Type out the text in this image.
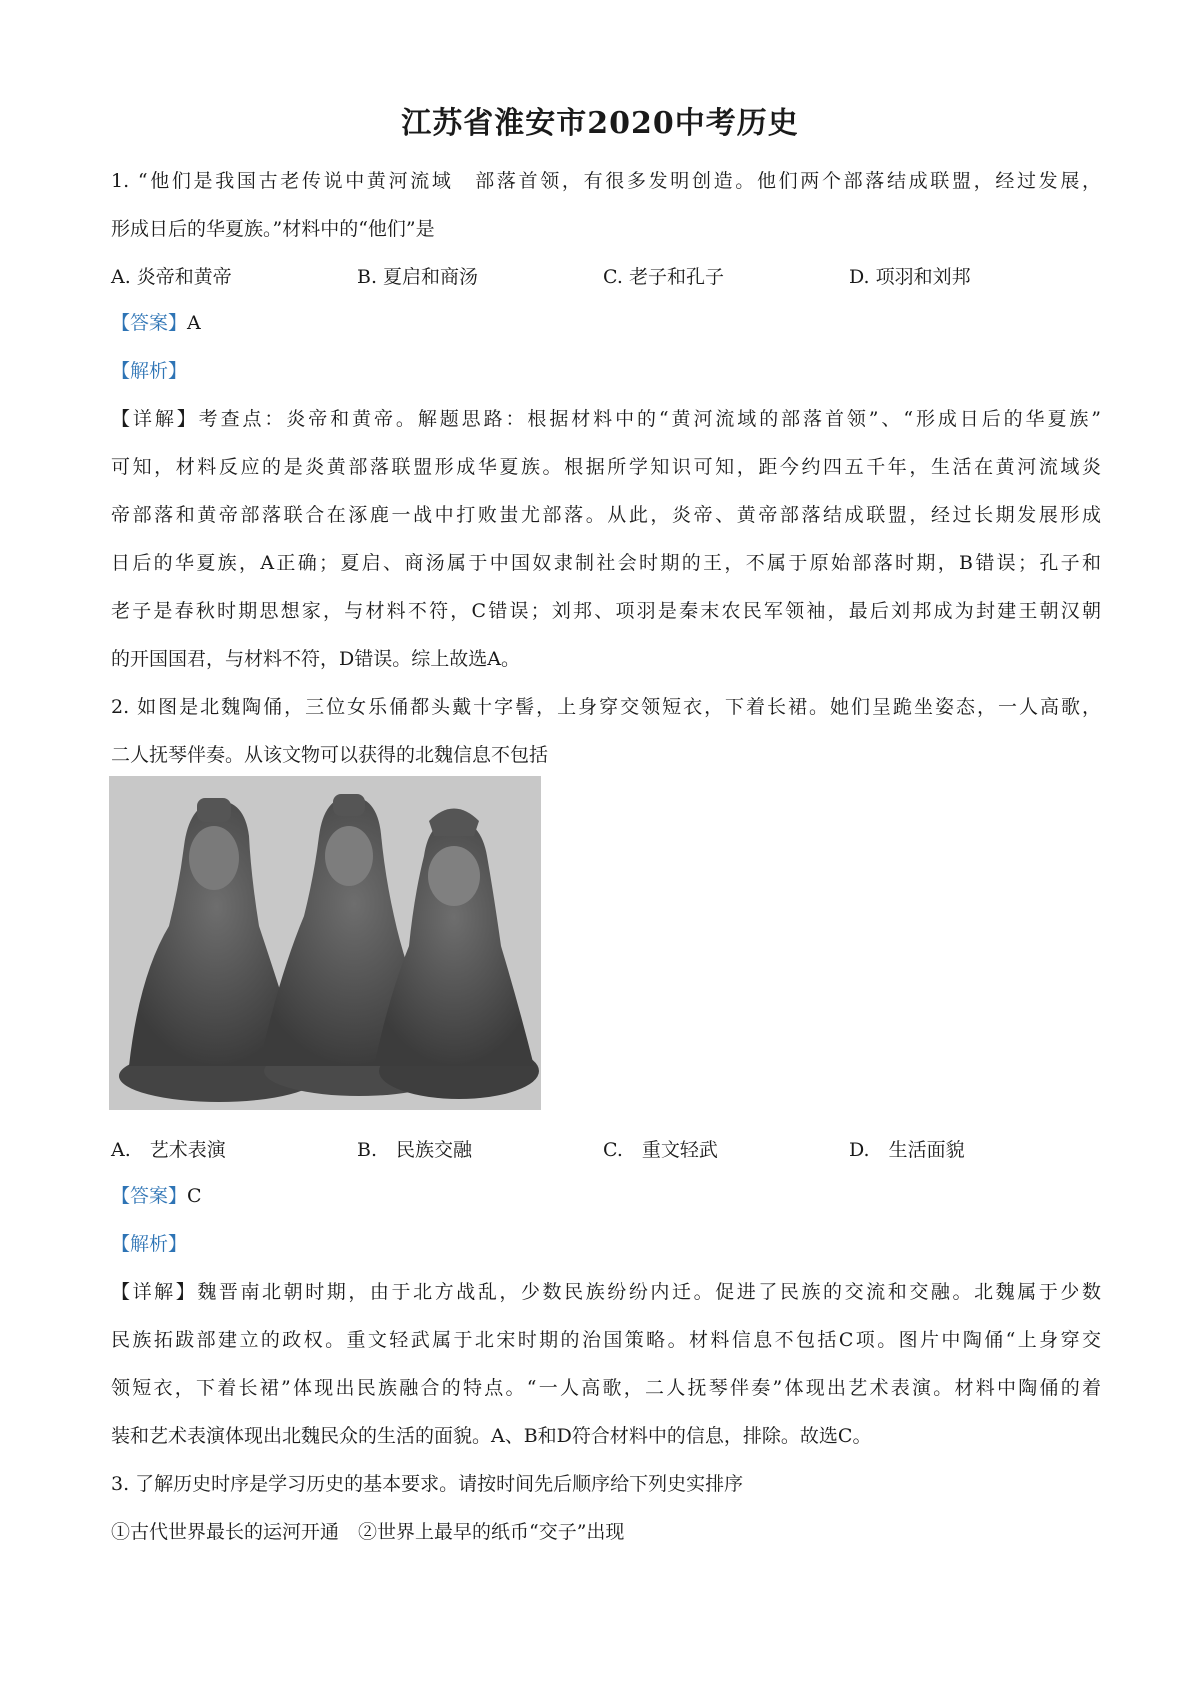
江苏省淮安市2020中考历史
1. “他们是我国古老传说中黄河流域　部落首领，有很多发明创造。他们两个部落结成联盟，经过发展，
形成日后的华夏族。”材料中的“他们”是
A. 炎帝和黄帝	B. 夏启和商汤	C. 老子和孔子	D. 项羽和刘邦
【答案】A
【解析】
【详解】考查点：炎帝和黄帝。解题思路：根据材料中的“黄河流域的部落首领”、“形成日后的华夏族”
可知，材料反应的是炎黄部落联盟形成华夏族。根据所学知识可知，距今约四五千年，生活在黄河流域炎
帝部落和黄帝部落联合在涿鹿一战中打败蚩尤部落。从此，炎帝、黄帝部落结成联盟，经过长期发展形成
日后的华夏族，A正确；夏启、商汤属于中国奴隶制社会时期的王，不属于原始部落时期，B错误；孔子和
老子是春秋时期思想家，与材料不符，C错误；刘邦、项羽是秦末农民军领袖，最后刘邦成为封建王朝汉朝
的开国国君，与材料不符，D错误。综上故选A。
2. 如图是北魏陶俑，三位女乐俑都头戴十字髻，上身穿交领短衣，下着长裙。她们呈跪坐姿态，一人高歌，
二人抚琴伴奏。从该文物可以获得的北魏信息不包括
A.　艺术表演	B.　民族交融	C.　重文轻武	D.　生活面貌
【答案】C
【解析】
【详解】魏晋南北朝时期，由于北方战乱，少数民族纷纷内迁。促进了民族的交流和交融。北魏属于少数
民族拓跋部建立的政权。重文轻武属于北宋时期的治国策略。材料信息不包括C项。图片中陶俑“上身穿交
领短衣，下着长裙”体现出民族融合的特点。“一人高歌，二人抚琴伴奏”体现出艺术表演。材料中陶俑的着
装和艺术表演体现出北魏民众的生活的面貌。A、B和D符合材料中的信息，排除。故选C。
3. 了解历史时序是学习历史的基本要求。请按时间先后顺序给下列史实排序
①古代世界最长的运河开通　②世界上最早的纸币“交子”出现
